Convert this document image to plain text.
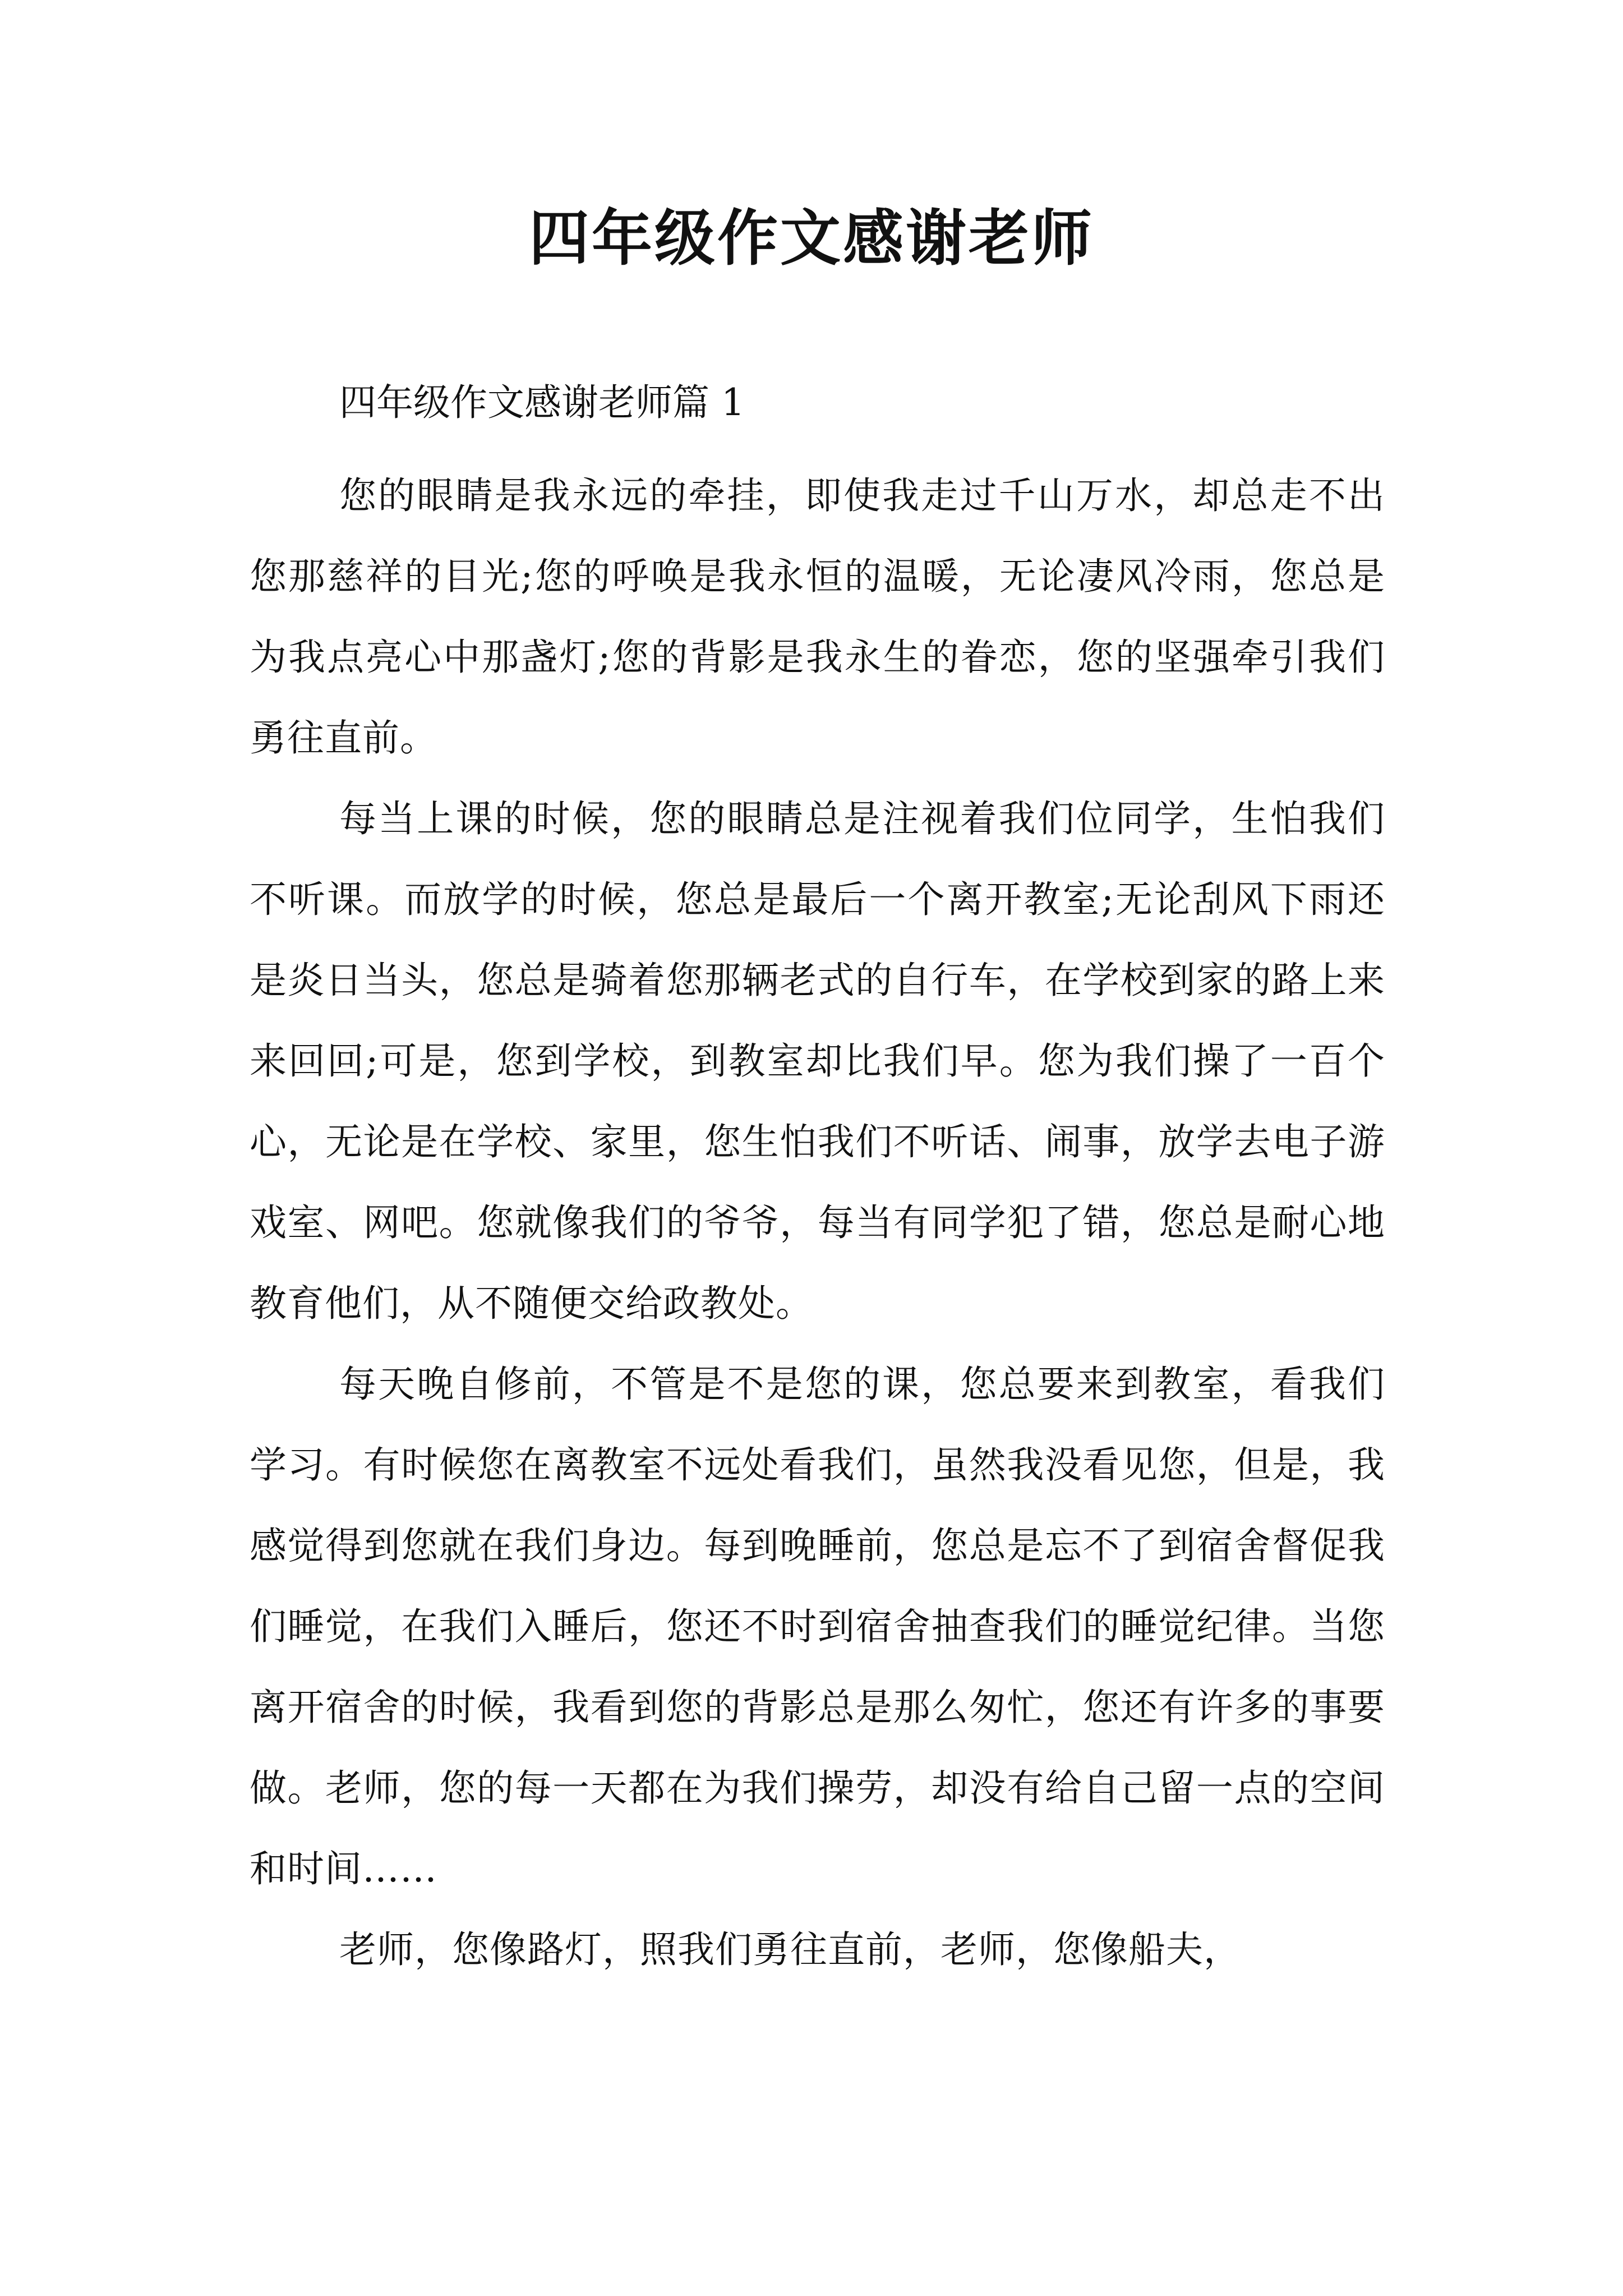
四年级作文感谢老师

四年级作文感谢老师篇 1

您的眼睛是我永远的牵挂，即使我走过千山万水，却总走不出您那慈祥的目光;您的呼唤是我永恒的温暖，无论凄风冷雨，您总是为我点亮心中那盏灯;您的背影是我永生的眷恋，您的坚强牵引我们勇往直前。

每当上课的时候，您的眼睛总是注视着我们位同学，生怕我们不听课。而放学的时候，您总是最后一个离开教室;无论刮风下雨还是炎日当头，您总是骑着您那辆老式的自行车，在学校到家的路上来来回回;可是，您到学校，到教室却比我们早。您为我们操了一百个心，无论是在学校、家里，您生怕我们不听话、闹事，放学去电子游戏室、网吧。您就像我们的爷爷，每当有同学犯了错，您总是耐心地教育他们，从不随便交给政教处。

每天晚自修前，不管是不是您的课，您总要来到教室，看我们学习。有时候您在离教室不远处看我们，虽然我没看见您，但是，我感觉得到您就在我们身边。每到晚睡前，您总是忘不了到宿舍督促我们睡觉，在我们入睡后，您还不时到宿舍抽查我们的睡觉纪律。当您离开宿舍的时候，我看到您的背影总是那么匆忙，您还有许多的事要做。老师，您的每一天都在为我们操劳，却没有给自己留一点的空间和时间……

老师，您像路灯，照我们勇往直前，老师，您像船夫，
